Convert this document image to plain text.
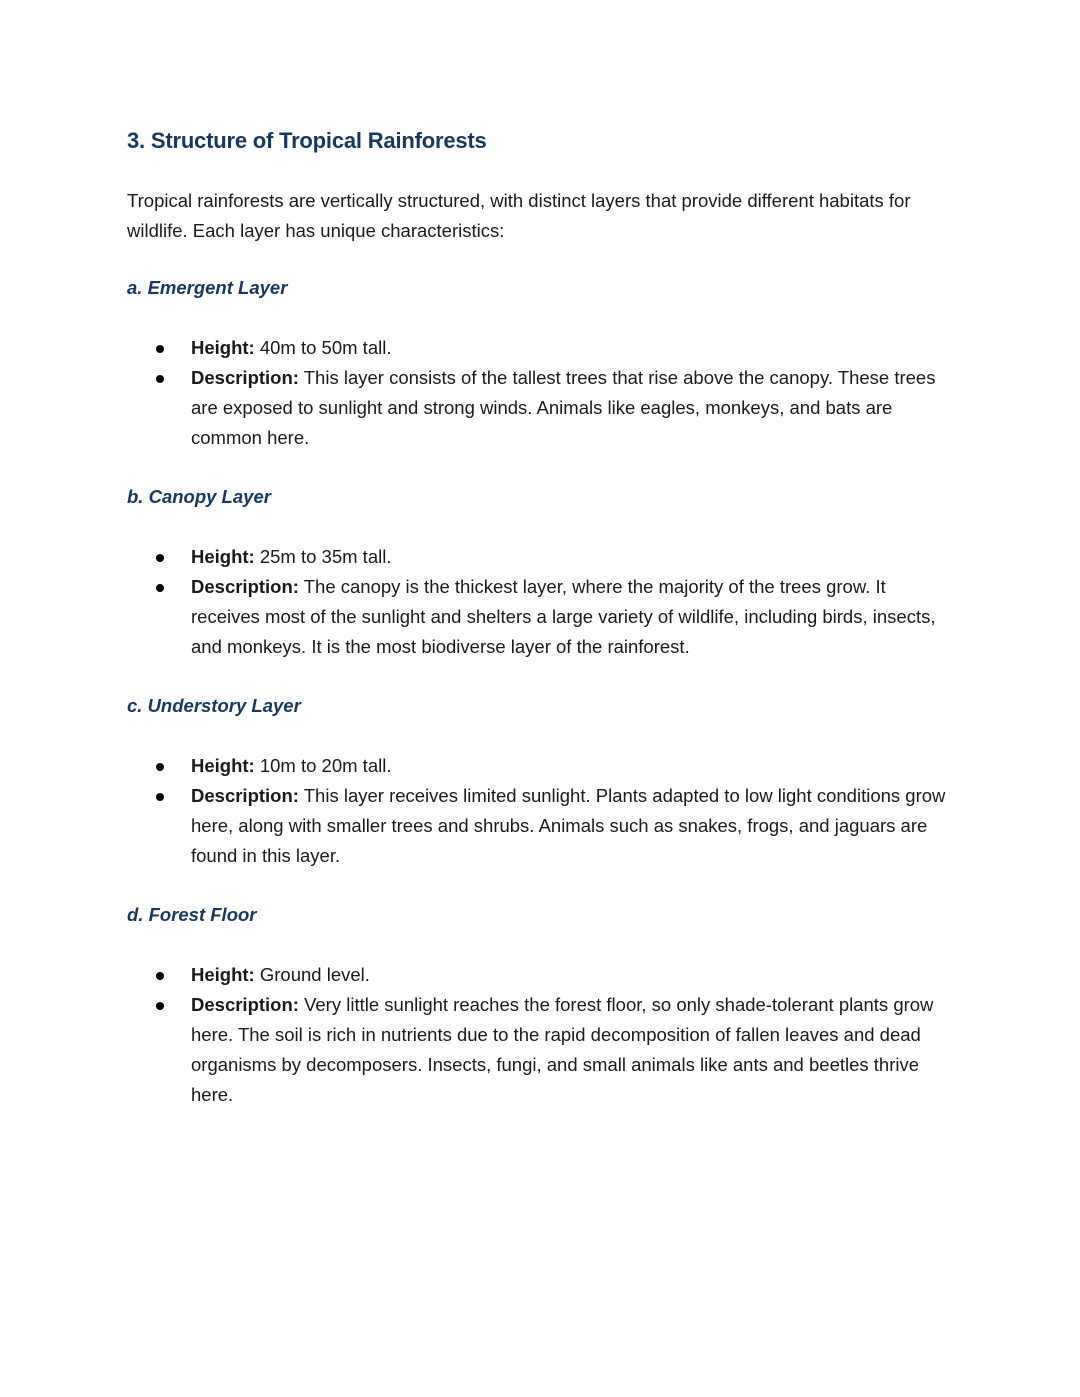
3. Structure of Tropical Rainforests

Tropical rainforests are vertically structured, with distinct layers that provide different habitats for wildlife. Each layer has unique characteristics:

a. Emergent Layer
Height: 40m to 50m tall.
Description: This layer consists of the tallest trees that rise above the canopy. These trees are exposed to sunlight and strong winds. Animals like eagles, monkeys, and bats are common here.
b. Canopy Layer
Height: 25m to 35m tall.
Description: The canopy is the thickest layer, where the majority of the trees grow. It receives most of the sunlight and shelters a large variety of wildlife, including birds, insects, and monkeys. It is the most biodiverse layer of the rainforest.
c. Understory Layer
Height: 10m to 20m tall.
Description: This layer receives limited sunlight. Plants adapted to low light conditions grow here, along with smaller trees and shrubs. Animals such as snakes, frogs, and jaguars are found in this layer.
d. Forest Floor
Height: Ground level.
Description: Very little sunlight reaches the forest floor, so only shade-tolerant plants grow here. The soil is rich in nutrients due to the rapid decomposition of fallen leaves and dead organisms by decomposers. Insects, fungi, and small animals like ants and beetles thrive here.
